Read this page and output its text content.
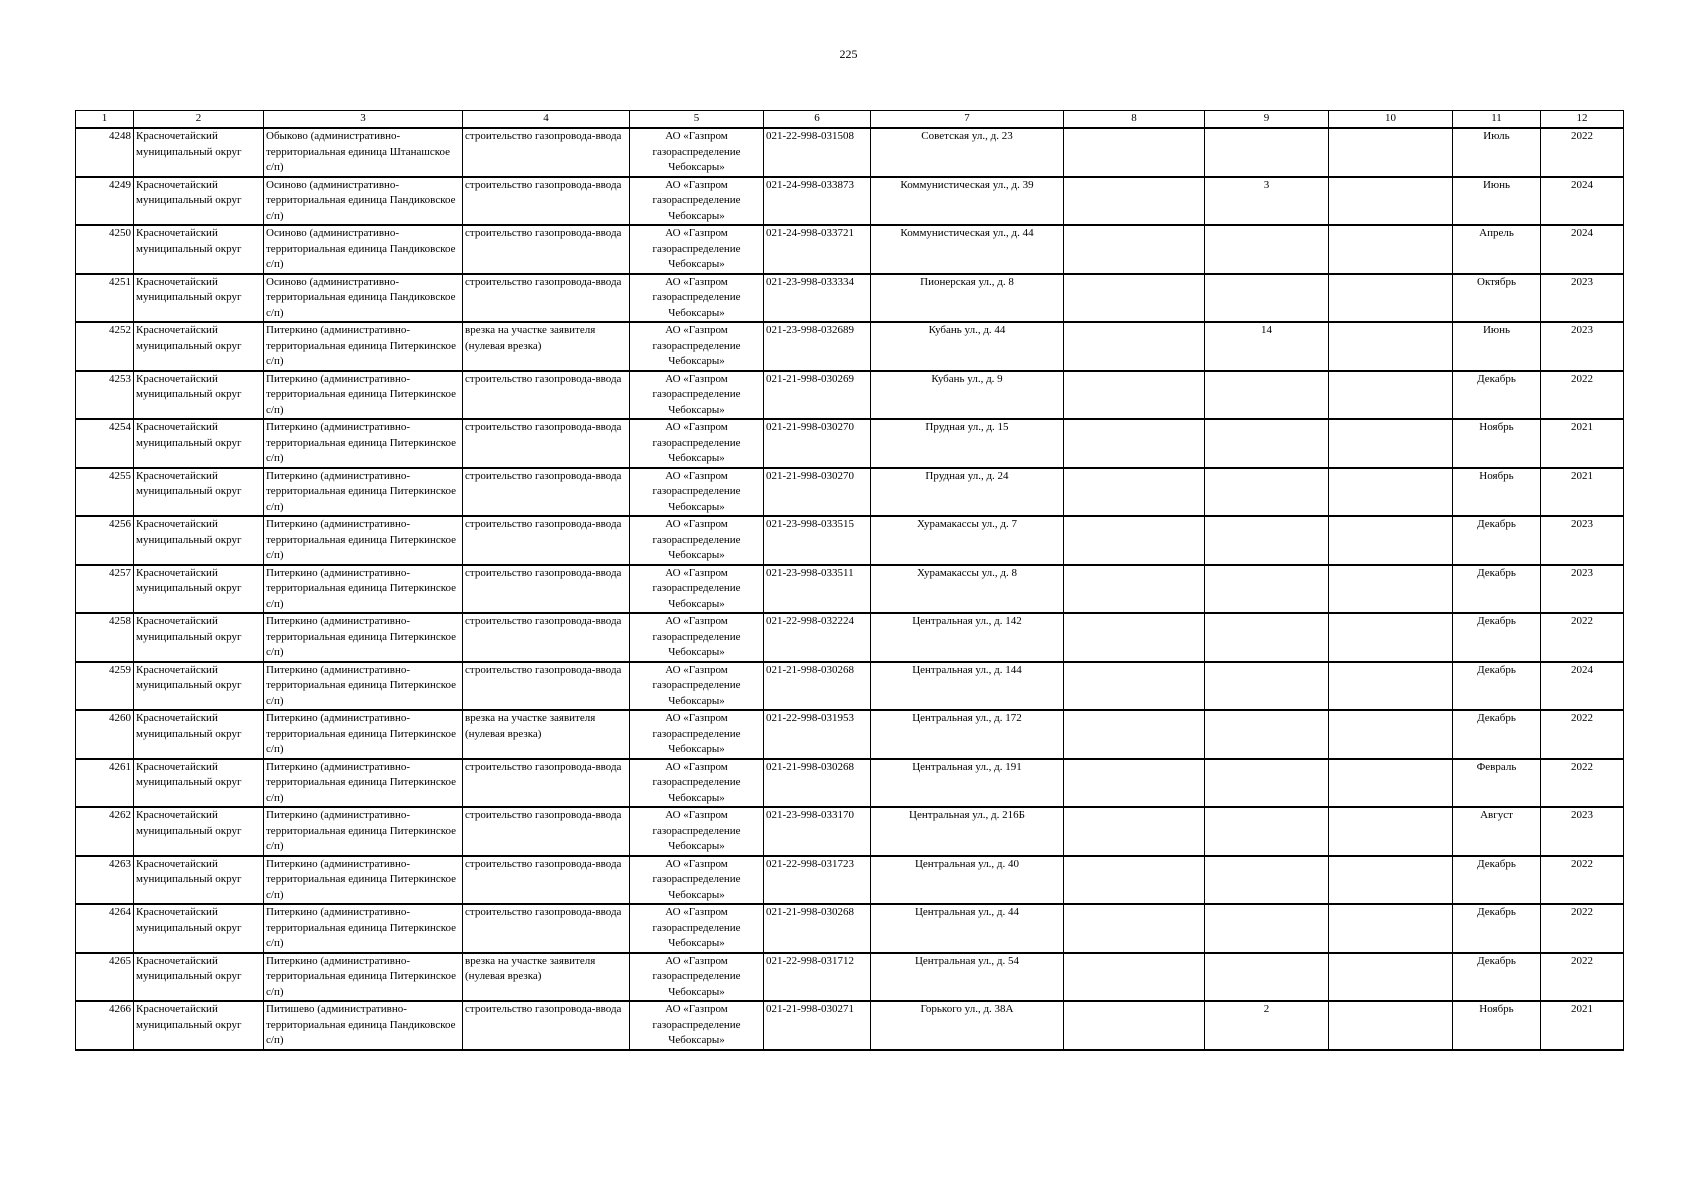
225
1	2	3	4	5	6	7	8	9	10	11	12
4248	Красночетайский муниципальный округ	Обыково (административно-территориальная единица Штанашское с/п)	строительство газопровода-ввода	АО «Газпром газораспределение Чебоксары»	021-22-998-031508	Советская ул., д. 23				Июль	2022
4249	Красночетайский муниципальный округ	Осиново (административно-территориальная единица Пандиковское с/п)	строительство газопровода-ввода	АО «Газпром газораспределение Чебоксары»	021-24-998-033873	Коммунистическая ул., д. 39		3		Июнь	2024
4250	Красночетайский муниципальный округ	Осиново (административно-территориальная единица Пандиковское с/п)	строительство газопровода-ввода	АО «Газпром газораспределение Чебоксары»	021-24-998-033721	Коммунистическая ул., д. 44				Апрель	2024
4251	Красночетайский муниципальный округ	Осиново (административно-территориальная единица Пандиковское с/п)	строительство газопровода-ввода	АО «Газпром газораспределение Чебоксары»	021-23-998-033334	Пионерская ул., д. 8				Октябрь	2023
4252	Красночетайский муниципальный округ	Питеркино (административно-территориальная единица Питеркинское с/п)	врезка на участке заявителя (нулевая врезка)	АО «Газпром газораспределение Чебоксары»	021-23-998-032689	Кубань ул., д. 44		14		Июнь	2023
4253	Красночетайский муниципальный округ	Питеркино (административно-территориальная единица Питеркинское с/п)	строительство газопровода-ввода	АО «Газпром газораспределение Чебоксары»	021-21-998-030269	Кубань ул., д. 9				Декабрь	2022
4254	Красночетайский муниципальный округ	Питеркино (административно-территориальная единица Питеркинское с/п)	строительство газопровода-ввода	АО «Газпром газораспределение Чебоксары»	021-21-998-030270	Прудная ул., д. 15				Ноябрь	2021
4255	Красночетайский муниципальный округ	Питеркино (административно-территориальная единица Питеркинское с/п)	строительство газопровода-ввода	АО «Газпром газораспределение Чебоксары»	021-21-998-030270	Прудная ул., д. 24				Ноябрь	2021
4256	Красночетайский муниципальный округ	Питеркино (административно-территориальная единица Питеркинское с/п)	строительство газопровода-ввода	АО «Газпром газораспределение Чебоксары»	021-23-998-033515	Хурамакассы ул., д. 7				Декабрь	2023
4257	Красночетайский муниципальный округ	Питеркино (административно-территориальная единица Питеркинское с/п)	строительство газопровода-ввода	АО «Газпром газораспределение Чебоксары»	021-23-998-033511	Хурамакассы ул., д. 8				Декабрь	2023
4258	Красночетайский муниципальный округ	Питеркино (административно-территориальная единица Питеркинское с/п)	строительство газопровода-ввода	АО «Газпром газораспределение Чебоксары»	021-22-998-032224	Центральная ул., д. 142				Декабрь	2022
4259	Красночетайский муниципальный округ	Питеркино (административно-территориальная единица Питеркинское с/п)	строительство газопровода-ввода	АО «Газпром газораспределение Чебоксары»	021-21-998-030268	Центральная ул., д. 144				Декабрь	2024
4260	Красночетайский муниципальный округ	Питеркино (административно-территориальная единица Питеркинское с/п)	врезка на участке заявителя (нулевая врезка)	АО «Газпром газораспределение Чебоксары»	021-22-998-031953	Центральная ул., д. 172				Декабрь	2022
4261	Красночетайский муниципальный округ	Питеркино (административно-территориальная единица Питеркинское с/п)	строительство газопровода-ввода	АО «Газпром газораспределение Чебоксары»	021-21-998-030268	Центральная ул., д. 191				Февраль	2022
4262	Красночетайский муниципальный округ	Питеркино (административно-территориальная единица Питеркинское с/п)	строительство газопровода-ввода	АО «Газпром газораспределение Чебоксары»	021-23-998-033170	Центральная ул., д. 216Б				Август	2023
4263	Красночетайский муниципальный округ	Питеркино (административно-территориальная единица Питеркинское с/п)	строительство газопровода-ввода	АО «Газпром газораспределение Чебоксары»	021-22-998-031723	Центральная ул., д. 40				Декабрь	2022
4264	Красночетайский муниципальный округ	Питеркино (административно-территориальная единица Питеркинское с/п)	строительство газопровода-ввода	АО «Газпром газораспределение Чебоксары»	021-21-998-030268	Центральная ул., д. 44				Декабрь	2022
4265	Красночетайский муниципальный округ	Питеркино (административно-территориальная единица Питеркинское с/п)	врезка на участке заявителя (нулевая врезка)	АО «Газпром газораспределение Чебоксары»	021-22-998-031712	Центральная ул., д. 54				Декабрь	2022
4266	Красночетайский муниципальный округ	Питишево (административно-территориальная единица Пандиковское с/п)	строительство газопровода-ввода	АО «Газпром газораспределение Чебоксары»	021-21-998-030271	Горького ул., д. 38А		2		Ноябрь	2021
